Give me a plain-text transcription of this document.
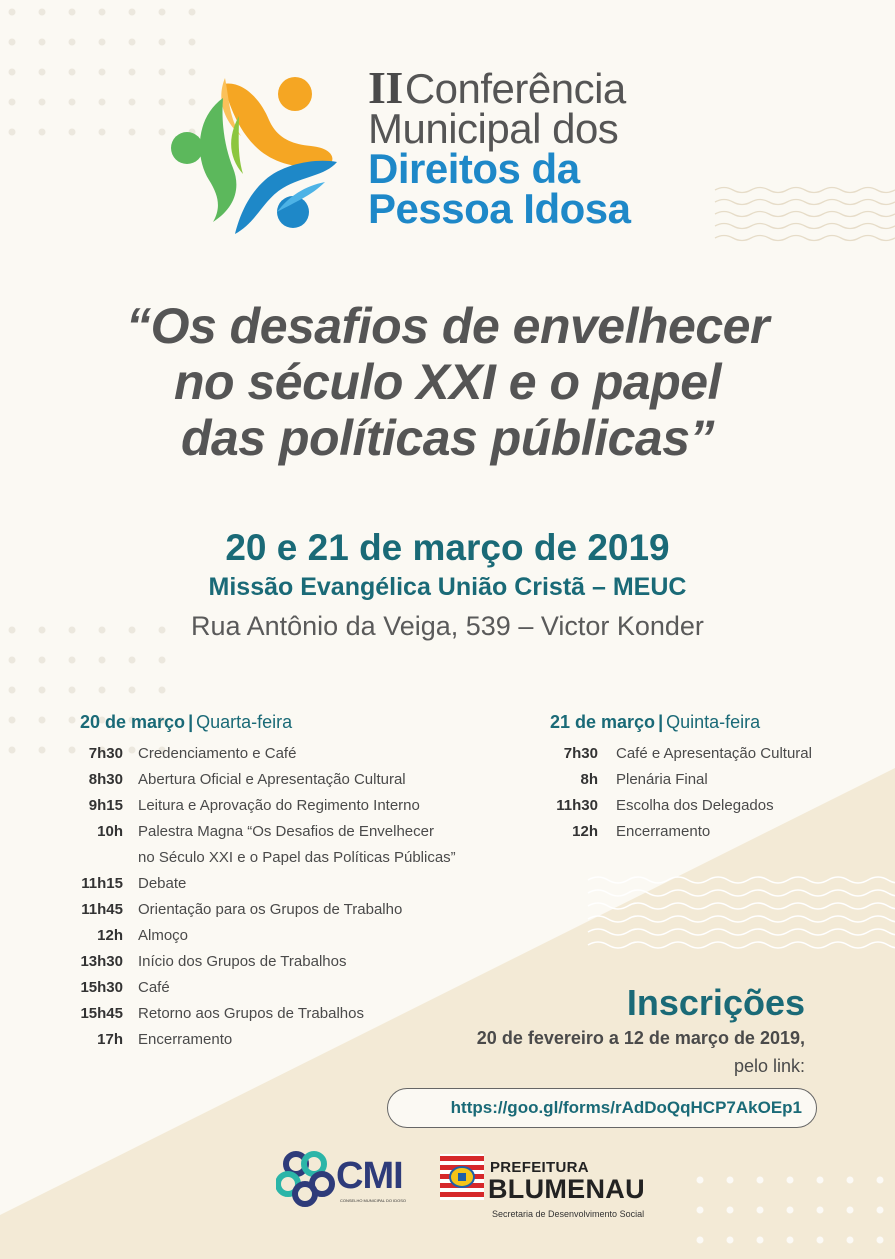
IIConferência
Municipal dos
Direitos da
Pessoa Idosa
“Os desafios de envelhecer
no século XXI e o papel
das políticas públicas”
20 e 21 de março de 2019
Missão Evangélica União Cristã – MEUC
Rua Antônio da Veiga, 539 – Victor Konder
20 de março | Quarta-feira
7h30 Credenciamento e Café
8h30 Abertura Oficial e Apresentação Cultural
9h15 Leitura e Aprovação do Regimento Interno
10h Palestra Magna “Os Desafios de Envelhecer
no Século XXI e o Papel das Políticas Públicas”
11h15 Debate
11h45 Orientação para os Grupos de Trabalho
12h Almoço
13h30 Início dos Grupos de Trabalhos
15h30 Café
15h45 Retorno aos Grupos de Trabalhos
17h Encerramento
21 de março | Quinta-feira
7h30 Café e Apresentação Cultural
8h Plenária Final
11h30 Escolha dos Delegados
12h Encerramento
Inscrições
20 de fevereiro a 12 de março de 2019,
pelo link:
https://goo.gl/forms/rAdDoQqHCP7AkOEp1
CMI
CONSELHO MUNICIPAL DO IDOSO
PREFEITURA
BLUMENAU
Secretaria de Desenvolvimento Social
